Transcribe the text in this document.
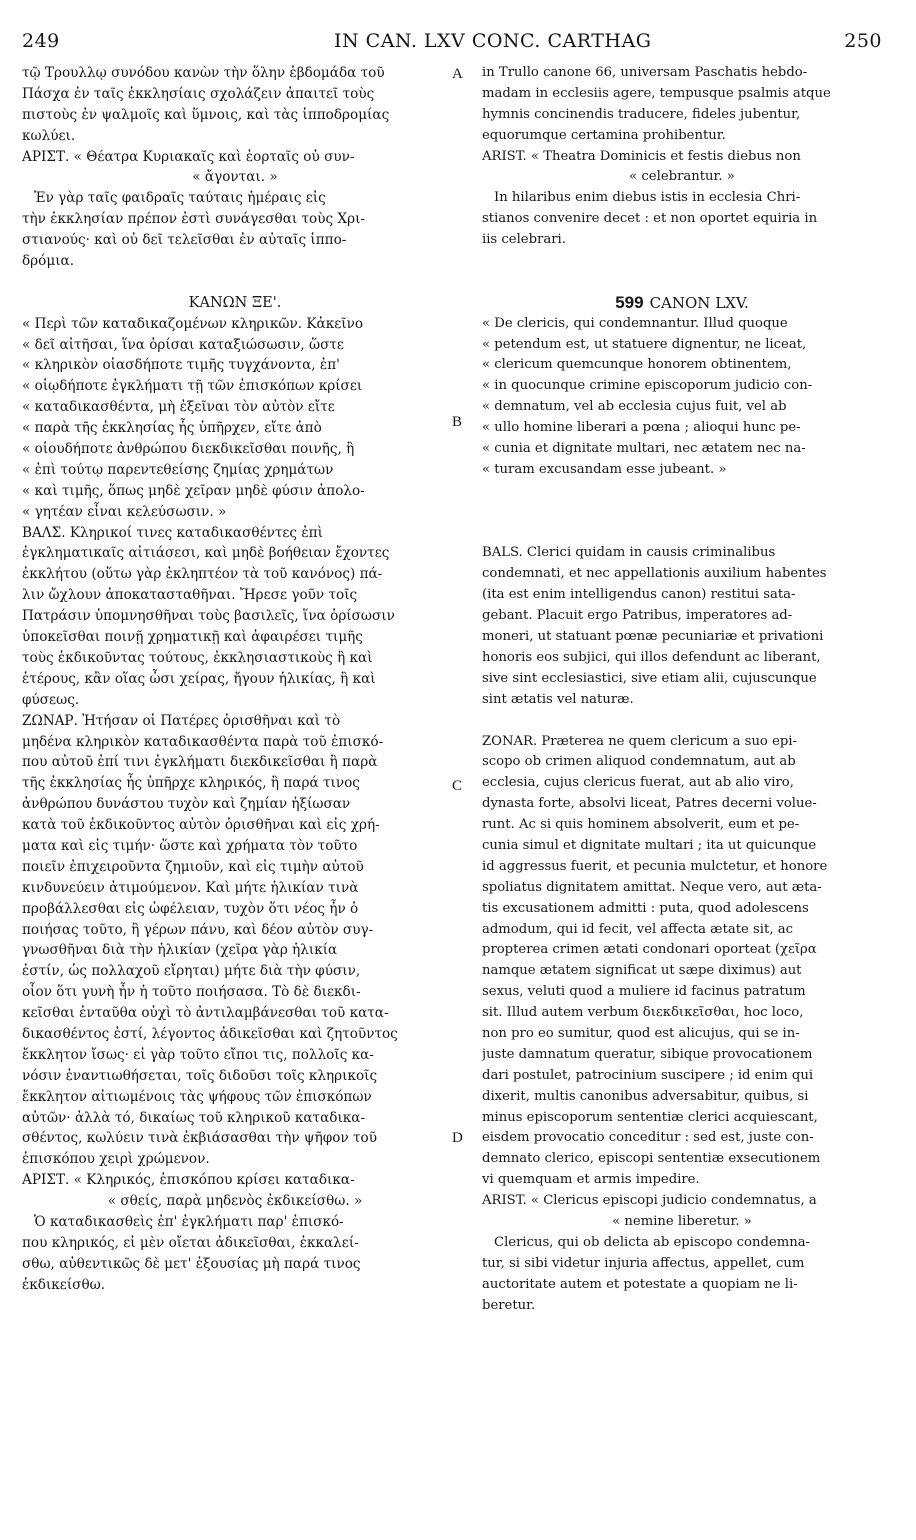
249	IN CAN. LXV CONC. CARTHAG	250
τῷ Τρουλλῳ συνόδου κανὼν τὴν ὅλην ἑβδομάδα τοῦ
Πάσχα ἐν ταῖς ἐκκλησίαις σχολάζειν ἀπαιτεῖ τοὺς
πιστοὺς ἐν ψαλμοῖς καὶ ὕμνοις, καὶ τὰς ἱπποδρομίας
κωλύει.
ΑΡΙΣΤ. « Θέατρα Κυριακαῖς καὶ ἑορταῖς οὐ συν-
« ἄγονται. »
Ἐν γὰρ ταῖς φαιδραῖς ταύταις ἡμέραις εἰς
τὴν ἐκκλησίαν πρέπον ἐστὶ συνάγεσθαι τοὺς Χρι-
στιανούς· καὶ οὐ δεῖ τελεῖσθαι ἐν αὐταῖς ἱππο-
δρόμια.
ΚΑΝΩΝ ΞΕ'.
« Περὶ τῶν καταδικαζομένων κληρικῶν. Κἀκεῖνο
« δεῖ αἰτῆσαι, ἵνα ὁρίσαι καταξιώσωσιν, ὥστε
« κληρικὸν οἱασδήποτε τιμῆς τυγχάνοντα, ἐπ'
« οἱῳδήποτε ἐγκλήματι τῇ τῶν ἐπισκόπων κρίσει
« καταδικασθέντα, μὴ ἐξεῖναι τὸν αὐτὸν εἴτε
« παρὰ τῆς ἐκκλησίας ἧς ὑπῆρχεν, εἴτε ἀπὸ
« οἱουδήποτε ἀνθρώπου διεκδικεῖσθαι ποινῆς, ἢ
« ἐπὶ τούτῳ παρεντεθείσης ζημίας χρημάτων
« καὶ τιμῆς, ὅπως μηδὲ χεῖραν μηδὲ φύσιν ἀπολο-
« γητέαν εἶναι κελεύσωσιν. »
ΒΑΛΣ. Κληρικοί τινες καταδικασθέντες ἐπὶ
ἐγκληματικαῖς αἰτιάσεσι, καὶ μηδὲ βοήθειαν ἔχοντες
ἐκκλήτου (οὕτω γὰρ ἐκληπτέον τὰ τοῦ κανόνος) πά-
λιν ὤχλουν ἀποκατασταθῆναι. Ἤρεσε γοῦν τοῖς
Πατράσιν ὑπομνησθῆναι τοὺς βασιλεῖς, ἵνα ὁρίσωσιν
ὑποκεῖσθαι ποινῇ χρηματικῇ καὶ ἀφαιρέσει τιμῆς
τοὺς ἐκδικοῦντας τούτους, ἐκκλησιαστικοὺς ἢ καὶ
ἑτέρους, κἂν οἵας ὦσι χείρας, ἤγουν ἡλικίας, ἢ καὶ
φύσεως.
ΖΩΝΑΡ. Ἠτήσαν οἱ Πατέρες ὁρισθῆναι καὶ τὸ
μηδένα κληρικὸν καταδικασθέντα παρὰ τοῦ ἐπισκό-
που αὐτοῦ ἐπί τινι ἐγκλήματι διεκδικεῖσθαι ἢ παρὰ
τῆς ἐκκλησίας ἧς ὑπῆρχε κληρικός, ἢ παρά τινος
ἀνθρώπου δυνάστου τυχὸν καὶ ζημίαν ἠξίωσαν
κατὰ τοῦ ἐκδικοῦντος αὐτὸν ὁρισθῆναι καὶ εἰς χρή-
ματα καὶ εἰς τιμήν· ὥστε καὶ χρήματα τὸν τοῦτο
ποιεῖν ἐπιχειροῦντα ζημιοῦν, καὶ εἰς τιμὴν αὐτοῦ
κινδυνεύειν ἀτιμούμενον. Καὶ μήτε ἡλικίαν τινὰ
προβάλλεσθαι εἰς ὠφέλειαν, τυχὸν ὅτι νέος ἦν ὁ
ποιήσας τοῦτο, ἢ γέρων πάνυ, καὶ δέον αὐτὸν συγ-
γνωσθῆναι διὰ τὴν ἡλικίαν (χεῖρα γὰρ ἡλικία
ἐστίν, ὡς πολλαχοῦ εἴρηται) μήτε διὰ τὴν φύσιν,
οἷον ὅτι γυνὴ ἦν ἡ τοῦτο ποιήσασα. Τὸ δὲ διεκδι-
κεῖσθαι ἐνταῦθα οὐχὶ τὸ ἀντιλαμβάνεσθαι τοῦ κατα-
δικασθέντος ἐστί, λέγοντος ἀδικεῖσθαι καὶ ζητοῦντος
ἔκκλητον ἴσως· εἰ γὰρ τοῦτο εἴποι τις, πολλοῖς κα-
νόσιν ἐναντιωθήσεται, τοῖς διδοῦσι τοῖς κληρικοῖς
ἔκκλητον αἰτιωμένοις τὰς ψήφους τῶν ἐπισκόπων
αὐτῶν· ἀλλὰ τό, δικαίως τοῦ κληρικοῦ καταδικα-
σθέντος, κωλύειν τινὰ ἐκβιάσασθαι τὴν ψῆφον τοῦ
ἐπισκόπου χειρὶ χρώμενον.
ΑΡΙΣΤ. « Κληρικός, ἐπισκόπου κρίσει καταδικα-
« σθείς, παρὰ μηδενὸς ἐκδικείσθω. »
Ὁ καταδικασθεὶς ἐπ' ἐγκλήματι παρ' ἐπισκό-
που κληρικός, εἰ μὲν οἴεται ἀδικεῖσθαι, ἐκκαλεί-
σθω, αὐθεντικῶς δὲ μετ' ἐξουσίας μὴ παρά τινος
ἐκδικείσθω.
in Trullo canone 66, universam Paschatis hebdo-
madam in ecclesiis agere, tempusque psalmis atque
hymnis concinendis traducere, fideles jubentur,
equorumque certamina prohibentur.
ARIST. « Theatra Dominicis et festis diebus non
« celebrantur. »
In hilaribus enim diebus istis in ecclesia Chri-
stianos convenire decet : et non oportet equiria in
iis celebrari.
599 CANON LXV.
« De clericis, qui condemnantur. Illud quoque
« petendum est, ut statuere dignentur, ne liceat,
« clericum quemcunque honorem obtinentem,
« in quocunque crimine episcoporum judicio con-
« demnatum, vel ab ecclesia cujus fuit, vel ab
« ullo homine liberari a pœna ; alioqui hunc pe-
« cunia et dignitate multari, nec ætatem nec na-
« turam excusandam esse jubeant. »
BALS. Clerici quidam in causis criminalibus
condemnati, et nec appellationis auxilium habentes
(ita est enim intelligendus canon) restitui sata-
gebant. Placuit ergo Patribus, imperatores ad-
moneri, ut statuant pœnæ pecuniariæ et privationi
honoris eos subjici, qui illos defendunt ac liberant,
sive sint ecclesiastici, sive etiam alii, cujuscunque
sint ætatis vel naturæ.
ZONAR. Præterea ne quem clericum a suo epi-
scopo ob crimen aliquod condemnatum, aut ab
ecclesia, cujus clericus fuerat, aut ab alio viro,
dynasta forte, absolvi liceat, Patres decerni volue-
runt. Ac si quis hominem absolverit, eum et pe-
cunia simul et dignitate multari ; ita ut quicunque
id aggressus fuerit, et pecunia mulctetur, et honore
spoliatus dignitatem amittat. Neque vero, aut æta-
tis excusationem admitti : puta, quod adolescens
admodum, qui id fecit, vel affecta ætate sit, ac
propterea crimen ætati condonari oporteat (χεῖρα
namque ætatem significat ut sæpe diximus) aut
sexus, veluti quod a muliere id facinus patratum
sit. Illud autem verbum διεκδικεῖσθαι, hoc loco,
non pro eo sumitur, quod est alicujus, qui se in-
juste damnatum queratur, sibique provocationem
dari postulet, patrocinium suscipere ; id enim qui
dixerit, multis canonibus adversabitur, quibus, si
minus episcoporum sententiæ clerici acquiescant,
eisdem provocatio conceditur : sed est, juste con-
demnato clerico, episcopi sententiæ exsecutionem
vi quemquam et armis impedire.
ARIST. « Clericus episcopi judicio condemnatus, a
« nemine liberetur. »
Clericus, qui ob delicta ab episcopo condemna-
tur, si sibi videtur injuria affectus, appellet, cum
auctoritate autem et potestate a quopiam ne li-
beretur.
A
B
C
D
